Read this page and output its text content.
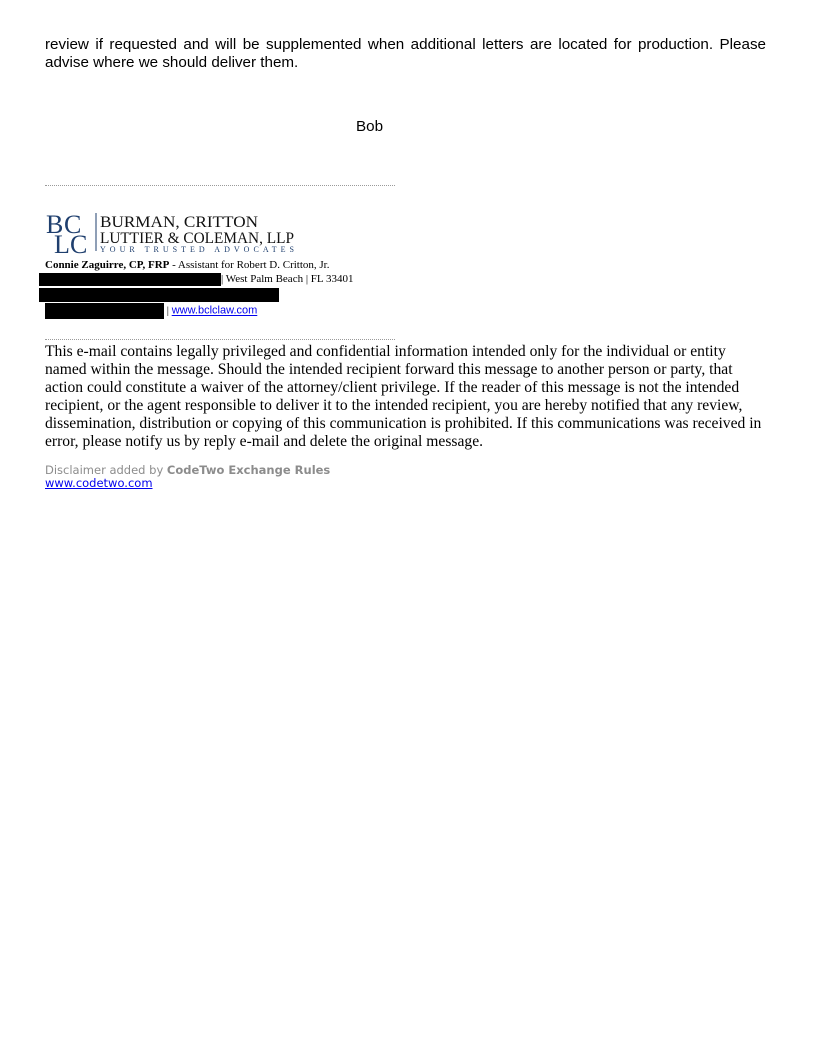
review if requested and will be supplemented when additional letters are located for production. Please advise where we should deliver them.

Bob
B C
L C
BURMAN, CRITTON
LUTTIER & COLEMAN, LLP
YOUR TRUSTED ADVOCATES
Connie Zaguirre, CP, FRP - Assistant for Robert D. Critton, Jr.
| West Palm Beach | FL 33401
| www.bclclaw.com

This e-mail contains legally privileged and confidential information intended only for the individual or entity named within the message. Should the intended recipient forward this message to another person or party, that action could constitute a waiver of the attorney/client privilege. If the reader of this message is not the intended recipient, or the agent responsible to deliver it to the intended recipient, you are hereby notified that any review, dissemination, distribution or copying of this communication is prohibited. If this communications was received in error, please notify us by reply e-mail and delete the original message.

Disclaimer added by CodeTwo Exchange Rules
www.codetwo.com
